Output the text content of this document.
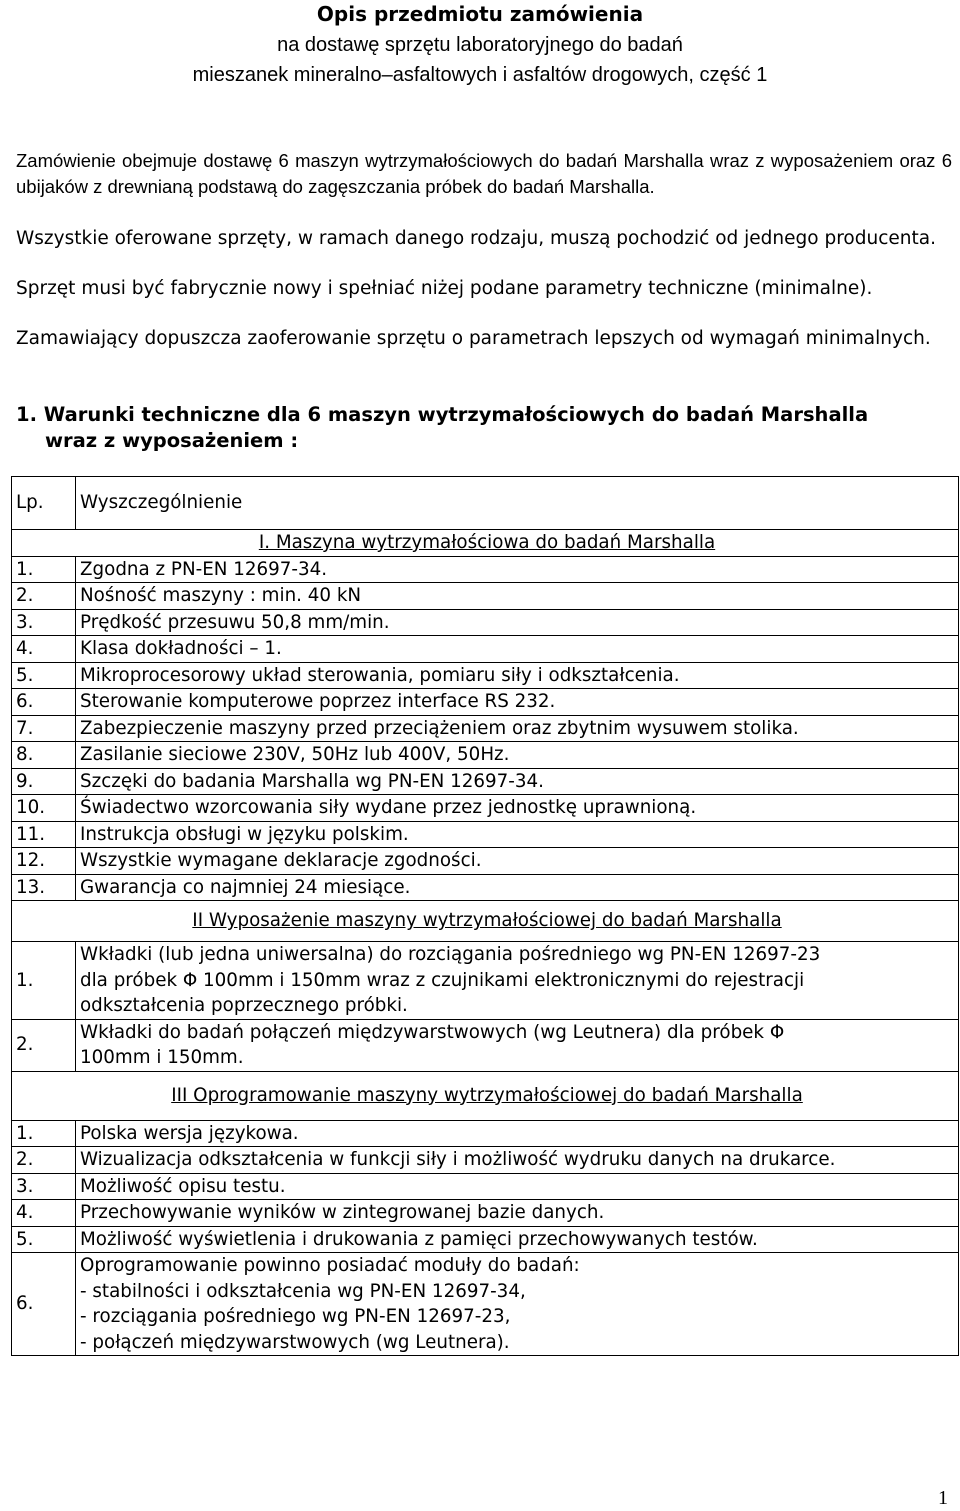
Opis przedmiotu zamówienia
na dostawę sprzętu laboratoryjnego do badań
mieszanek mineralno–asfaltowych i asfaltów drogowych, część 1

Zamówienie obejmuje dostawę 6 maszyn wytrzymałościowych do badań Marshalla wraz z wyposażeniem oraz 6 ubijaków z drewnianą podstawą do zagęszczania próbek do badań Marshalla.

Wszystkie oferowane sprzęty, w ramach danego rodzaju, muszą pochodzić od jednego producenta.

Sprzęt musi być fabrycznie nowy i spełniać niżej podane parametry techniczne (minimalne).

Zamawiający dopuszcza zaoferowanie sprzętu o parametrach lepszych od wymagań minimalnych.

1. Warunki techniczne dla 6 maszyn wytrzymałościowych do badań Marshalla
wraz z wyposażeniem :
Lp.	Wyszczególnienie
I. Maszyna wytrzymałościowa do badań Marshalla	
1.	Zgodna z PN-EN 12697-34.
2.	Nośność maszyny : min. 40 kN
3.	Prędkość przesuwu 50,8 mm/min.
4.	Klasa dokładności – 1.
5.	Mikroprocesorowy układ sterowania, pomiaru siły i odkształcenia.
6.	Sterowanie komputerowe poprzez interface RS 232.
7.	Zabezpieczenie maszyny przed przeciążeniem oraz zbytnim wysuwem stolika.
8.	Zasilanie sieciowe 230V, 50Hz lub 400V, 50Hz.
9.	Szczęki do badania Marshalla wg PN-EN 12697-34.
10.	Świadectwo wzorcowania siły wydane przez jednostkę uprawnioną.
11.	Instrukcja obsługi w języku polskim.
12.	Wszystkie wymagane deklaracje zgodności.
13.	Gwarancja co najmniej 24 miesiące.
II Wyposażenie maszyny wytrzymałościowej do badań Marshalla	
1.	Wkładki (lub jedna uniwersalna) do rozciągania pośredniego wg PN-EN 12697-23
dla próbek Φ 100mm i 150mm wraz z czujnikami elektronicznymi do rejestracji
odkształcenia poprzecznego próbki.

2.	Wkładki do badań połączeń międzywarstwowych (wg Leutnera) dla próbek Φ
100mm i 150mm.

III Oprogramowanie maszyny wytrzymałościowej do badań Marshalla	
1.	Polska wersja językowa.
2.	Wizualizacja odkształcenia w funkcji siły i możliwość wydruku danych na drukarce.
3.	Możliwość opisu testu.
4.	Przechowywanie wyników w zintegrowanej bazie danych.
5.	Możliwość wyświetlenia i drukowania z pamięci przechowywanych testów.
6.	Oprogramowanie powinno posiadać moduły do badań:
- stabilności i odkształcenia wg PN-EN 12697-34,
- rozciągania pośredniego wg PN-EN 12697-23,
- połączeń międzywarstwowych (wg Leutnera).
1
